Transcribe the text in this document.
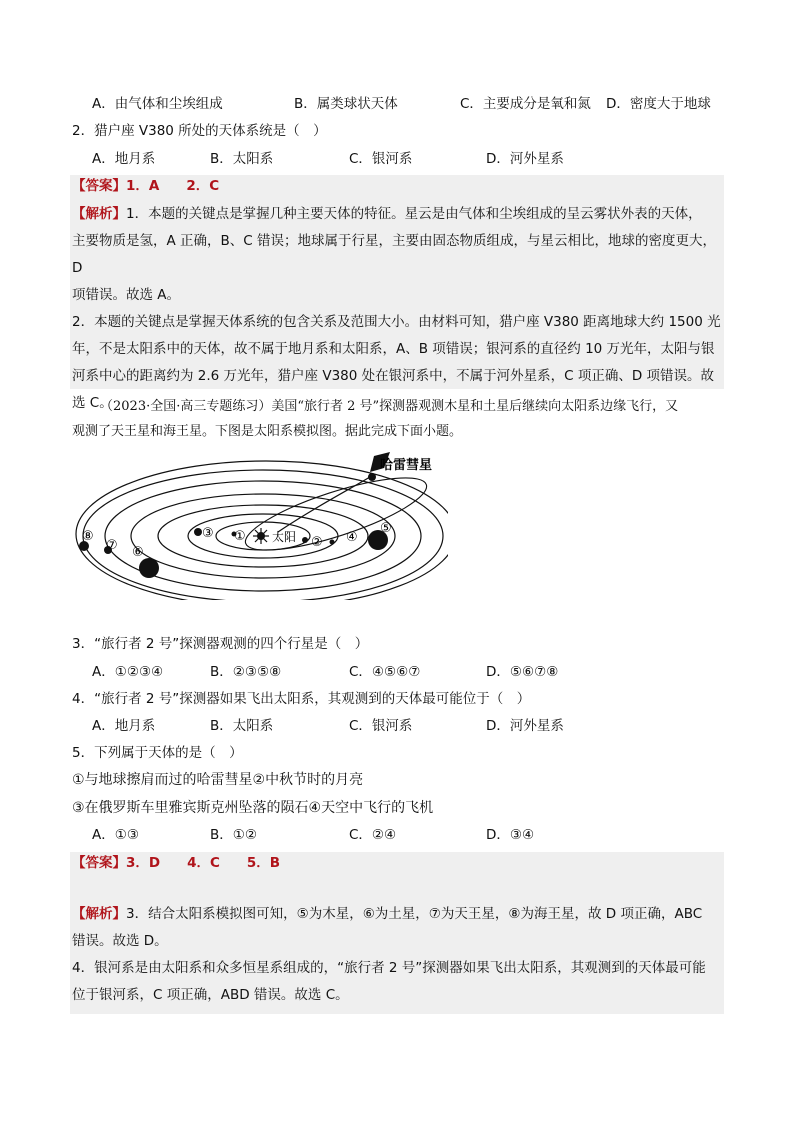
A．由气体和尘埃组成	B．属类球状天体	C．主要成分是氧和氮 D．密度大于地球
2．猎户座 V380 所处的天体系统是（　）
A．地月系	B．太阳系	C．银河系	D．河外星系
【答案】1．A　　2．C
【解析】1．本题的关键点是掌握几种主要天体的特征。星云是由气体和尘埃组成的呈云雾状外表的天体，
主要物质是氢，A 正确，B、C 错误；地球属于行星，主要由固态物质组成，与星云相比，地球的密度更大，D
项错误。故选 A。
2．本题的关键点是掌握天体系统的包含关系及范围大小。由材料可知，猎户座 V380 距离地球大约 1500 光
年，不是太阳系中的天体，故不属于地月系和太阳系，A、B 项错误；银河系的直径约 10 万光年，太阳与银
河系中心的距离约为 2.6 万光年，猎户座 V380 处在银河系中，不属于河外星系，C 项正确、D 项错误。故
选 C。
（2023·全国·高三专题练习）美国“旅行者 2 号”探测器观测木星和土星后继续向太阳系边缘飞行，又
观测了天王星和海王星。下图是太阳系模拟图。据此完成下面小题。
太阳
哈雷彗星
①	②
③	④
⑤
⑥
⑦
⑧
3．“旅行者 2 号”探测器观测的四个行星是（　）
A．①②③④	B．②③⑤⑧	C．④⑤⑥⑦	D．⑤⑥⑦⑧
4．“旅行者 2 号”探测器如果飞出太阳系，其观测到的天体最可能位于（　）
A．地月系	B．太阳系	C．银河系	D．河外星系
5．下列属于天体的是（　）
①与地球擦肩而过的哈雷彗星②中秋节时的月亮
③在俄罗斯车里雅宾斯克州坠落的陨石④天空中飞行的飞机
A．①③	B．①②	C．②④	D．③④
【答案】3．D　　4．C　　5．B
【解析】3．结合太阳系模拟图可知，⑤为木星，⑥为土星，⑦为天王星，⑧为海王星，故 D 项正确，ABC
错误。故选 D。
4．银河系是由太阳系和众多恒星系组成的，“旅行者 2 号”探测器如果飞出太阳系，其观测到的天体最可能
位于银河系，C 项正确，ABD 错误。故选 C。
